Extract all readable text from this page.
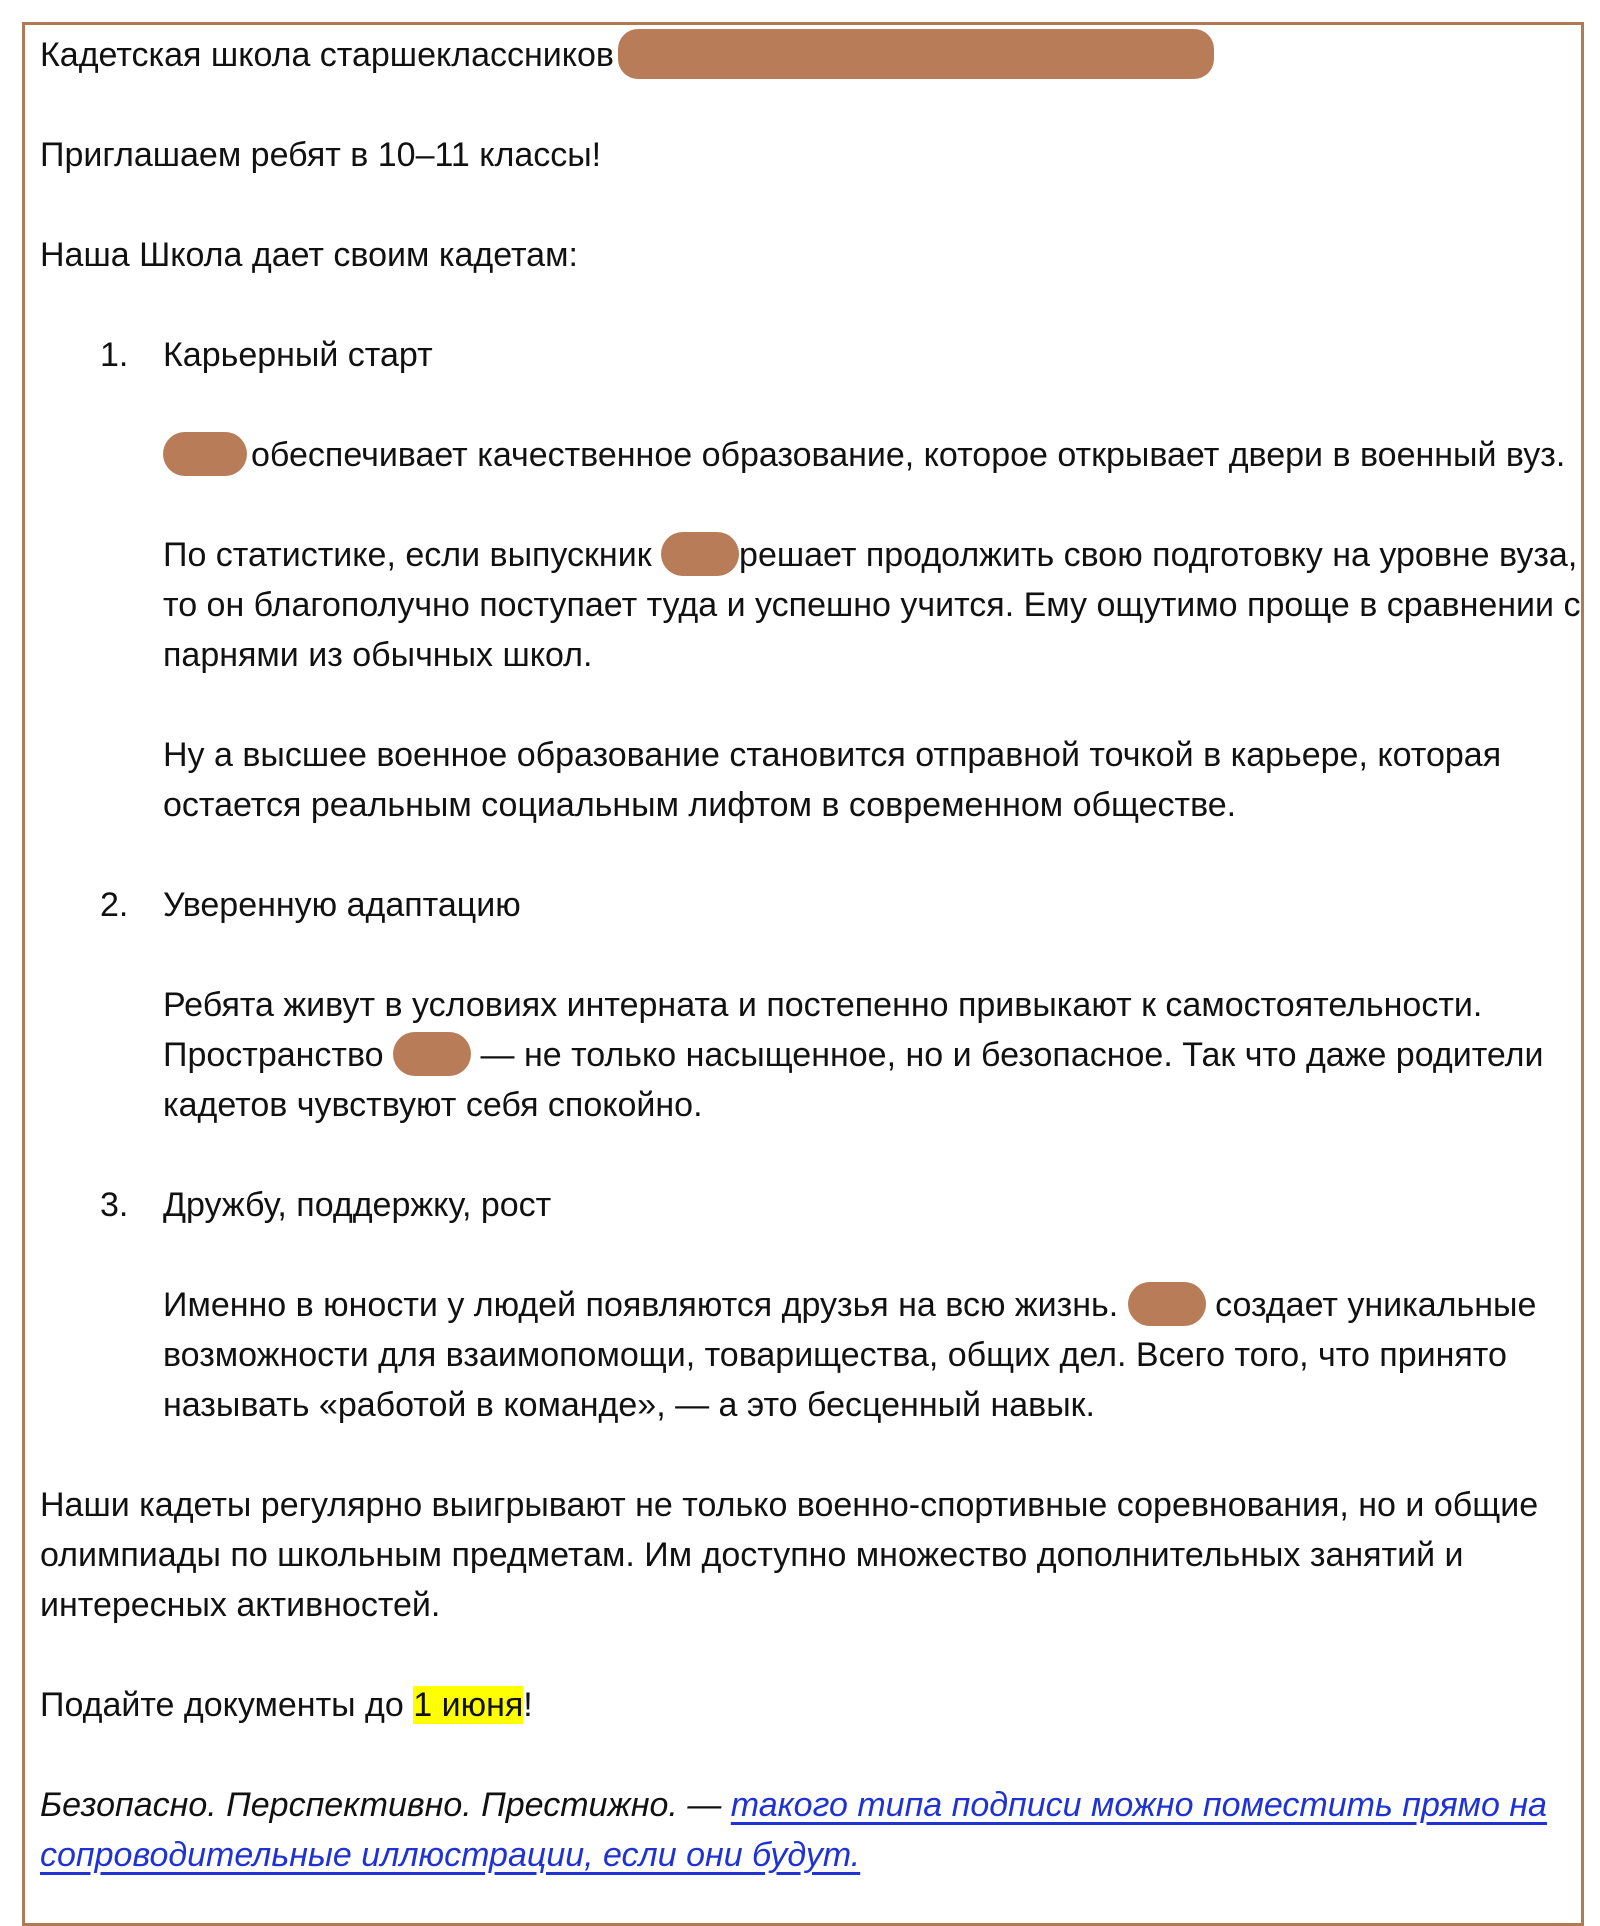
Кадетская школа старшеклассников

Приглашаем ребят в 10–11 классы!

Наша Школа дает своим кадетам:

1. Карьерный старт

обеспечивает качественное образование, которое открывает двери в военный вуз.

По статистике, если выпускник	решает продолжить свою подготовку на уровне вуза, то он благополучно поступает туда и успешно учится. Ему ощутимо проще в сравнении с парнями из обычных школ.

Ну а высшее военное образование становится отправной точкой в карьере, которая остается реальным социальным лифтом в современном обществе.

2. Уверенную адаптацию

Ребята живут в условиях интерната и постепенно привыкают к самостоятельности. Пространство	— не только насыщенное, но и безопасное. Так что даже родители кадетов чувствуют себя спокойно.

3. Дружбу, поддержку, рост

Именно в юности у людей появляются друзья на всю жизнь.	создает уникальные возможности для взаимопомощи, товарищества, общих дел. Всего того, что принято называть «работой в команде», — а это бесценный навык.

Наши кадеты регулярно выигрывают не только военно-спортивные соревнования, но и общие олимпиады по школьным предметам. Им доступно множество дополнительных занятий и интересных активностей.

Подайте документы до 1 июня!

Безопасно. Перспективно. Престижно. — такого типа подписи можно поместить прямо на сопроводительные иллюстрации, если они будут.
